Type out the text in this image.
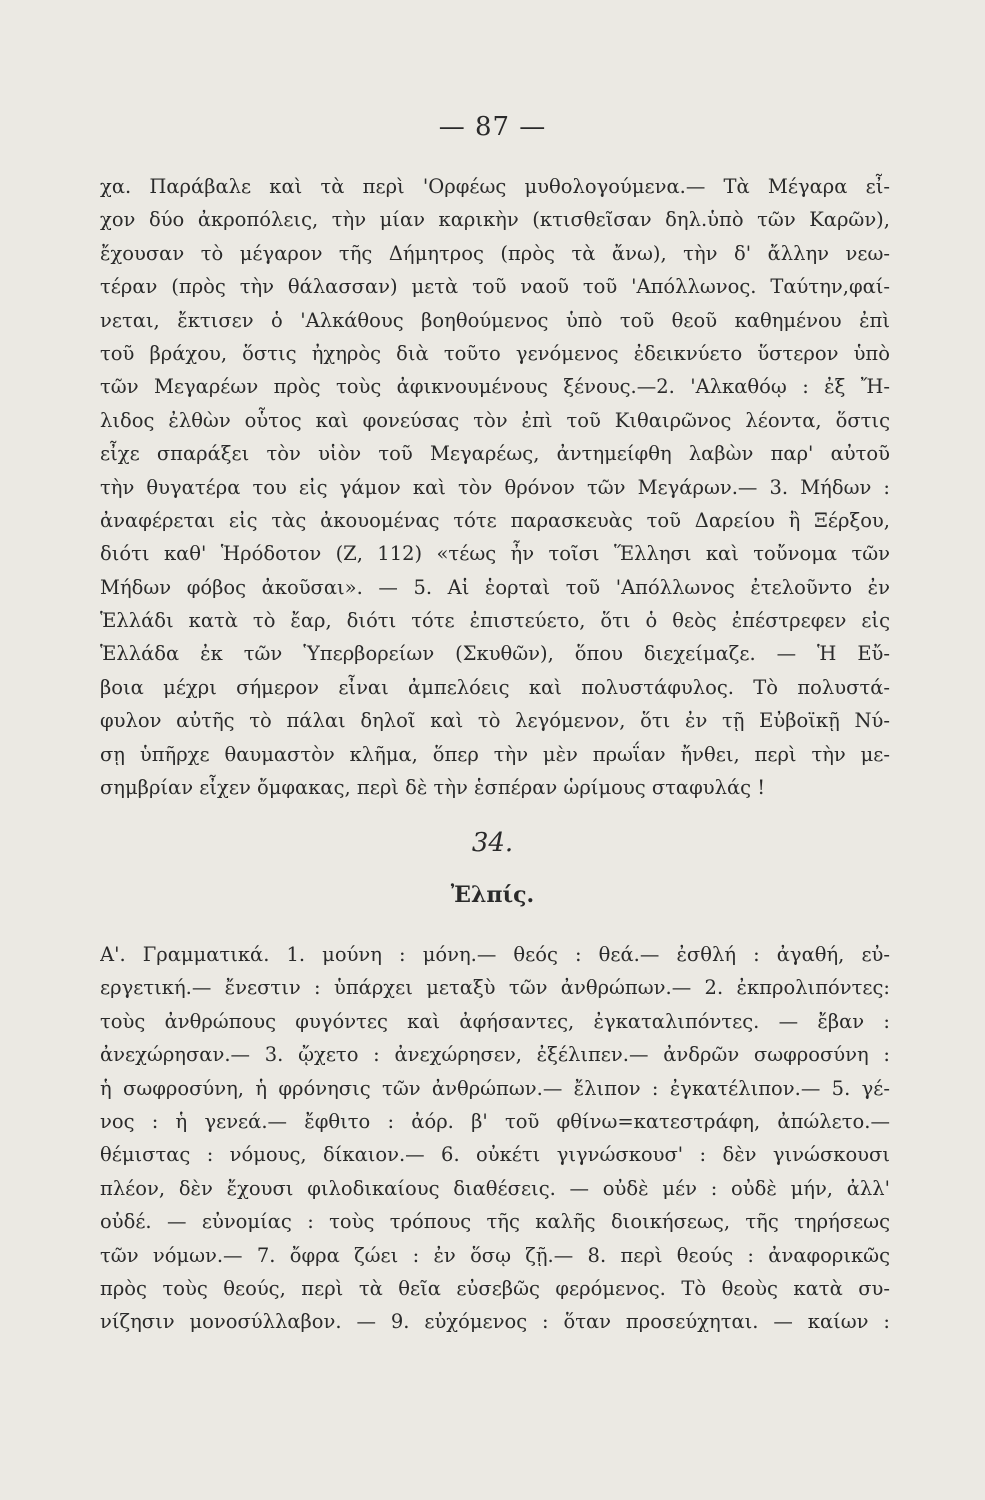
— 87 —
χα. Παράβαλε καὶ τὰ περὶ 'Ορφέως μυθολογούμενα.— Τὰ Μέγαρα εἶ-
χον δύο ἀκροπόλεις, τὴν μίαν καρικὴν (κτισθεῖσαν δηλ.ὑπὸ τῶν Καρῶν),
ἔχουσαν τὸ μέγαρον τῆς Δήμητρος (πρὸς τὰ ἄνω), τὴν δ' ἄλλην νεω-
τέραν (πρὸς τὴν θάλασσαν) μετὰ τοῦ ναοῦ τοῦ 'Απόλλωνος. Ταύτην,φαί-
νεται, ἔκτισεν ὁ 'Αλκάθους βοηθούμενος ὑπὸ τοῦ θεοῦ καθημένου ἐπὶ
τοῦ βράχου, ὅστις ἠχηρὸς διὰ τοῦτο γενόμενος ἐδεικνύετο ὕστερον ὑπὸ
τῶν Μεγαρέων πρὸς τοὺς ἀφικνουμένους ξένους.—2. 'Αλκαθόῳ : ἐξ Ἤ-
λιδος ἐλθὼν οὗτος καὶ φονεύσας τὸν ἐπὶ τοῦ Κιθαιρῶνος λέοντα, ὅστις
εἶχε σπαράξει τὸν υἱὸν τοῦ Μεγαρέως, ἀντημείφθη λαβὼν παρ' αὐτοῦ
τὴν θυγατέρα του εἰς γάμον καὶ τὸν θρόνον τῶν Μεγάρων.— 3. Μήδων :
ἀναφέρεται εἰς τὰς ἀκουομένας τότε παρασκευὰς τοῦ Δαρείου ἢ Ξέρξου,
διότι καθ' Ἡρόδοτον (Ζ, 112) «τέως ἦν τοῖσι Ἕλλησι καὶ τοὔνομα τῶν
Μήδων φόβος ἀκοῦσαι». — 5. Αἱ ἑορταὶ τοῦ 'Απόλλωνος ἐτελοῦντο ἐν
Ἑλλάδι κατὰ τὸ ἔαρ, διότι τότε ἐπιστεύετο, ὅτι ὁ θεὸς ἐπέστρεφεν εἰς
Ἑλλάδα ἐκ τῶν Ὑπερβορείων (Σκυθῶν), ὅπου διεχείμαζε. — Ἡ Εὔ-
βοια μέχρι σήμερον εἶναι ἀμπελόεις καὶ πολυστάφυλος. Τὸ πολυστά-
φυλον αὐτῆς τὸ πάλαι δηλοῖ καὶ τὸ λεγόμενον, ὅτι ἐν τῇ Εὐβοϊκῇ Νύ-
σῃ ὑπῆρχε θαυμαστὸν κλῆμα, ὅπερ τὴν μὲν πρωΐαν ἤνθει, περὶ τὴν με-
σημβρίαν εἶχεν ὄμφακας, περὶ δὲ τὴν ἑσπέραν ὡρίμους σταφυλάς !
34.
Ἐλπίς.
Α'. Γραμματικά. 1. μούνη : μόνη.— θεός : θεά.— ἐσθλή : ἀγαθή, εὐ-
εργετική.— ἔνεστιν : ὑπάρχει μεταξὺ τῶν ἀνθρώπων.— 2. ἐκπρολιπόντες:
τοὺς ἀνθρώπους φυγόντες καὶ ἀφήσαντες, ἐγκαταλιπόντες. — ἔβαν :
ἀνεχώρησαν.— 3. ᾤχετο : ἀνεχώρησεν, ἐξέλιπεν.— ἀνδρῶν σωφροσύνη :
ἡ σωφροσύνη, ἡ φρόνησις τῶν ἀνθρώπων.— ἔλιπον : ἐγκατέλιπον.— 5. γέ-
νος : ἡ γενεά.— ἔφθιτο : ἀόρ. β' τοῦ φθίνω=κατεστράφη, ἀπώλετο.—
θέμιστας : νόμους, δίκαιον.— 6. οὐκέτι γιγνώσκουσ' : δὲν γινώσκουσι
πλέον, δὲν ἔχουσι φιλοδικαίους διαθέσεις. — οὐδὲ μέν : οὐδὲ μήν, ἀλλ'
οὐδέ. — εὐνομίας : τοὺς τρόπους τῆς καλῆς διοικήσεως, τῆς τηρήσεως
τῶν νόμων.— 7. ὄφρα ζώει : ἐν ὅσῳ ζῇ.— 8. περὶ θεούς : ἀναφορικῶς
πρὸς τοὺς θεούς, περὶ τὰ θεῖα εὐσεβῶς φερόμενος. Τὸ θεοὺς κατὰ συ-
νίζησιν μονοσύλλαβον. — 9. εὐχόμενος : ὅταν προσεύχηται. — καίων :
